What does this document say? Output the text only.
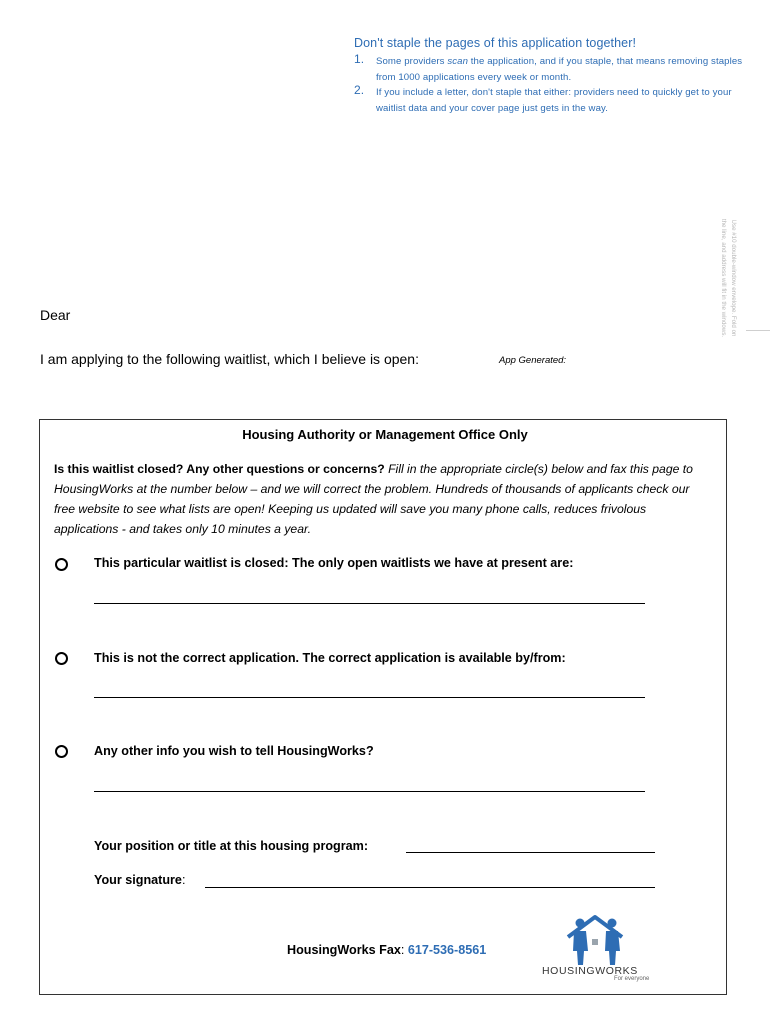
Don't staple the pages of this application together!
1. Some providers scan the application, and if you staple, that means removing staples from 1000 applications every week or month.
2. If you include a letter, don't staple that either: providers need to quickly get to your waitlist data and your cover page just gets in the way.
Use #10 double-window envelope. Fold on the line, and address will fit in the windows.
Dear
I am applying to the following waitlist, which I believe is open:	App Generated:
Housing Authority or Management Office Only
Is this waitlist closed? Any other questions or concerns? Fill in the appropriate circle(s) below and fax this page to HousingWorks at the number below – and we will correct the problem. Hundreds of thousands of applicants check our free website to see what lists are open! Keeping us updated will save you many phone calls, reduces frivolous applications - and takes only 10 minutes a year.
This particular waitlist is closed: The only open waitlists we have at present are:
This is not the correct application. The correct application is available by/from:
Any other info you wish to tell HousingWorks?
Your position or title at this housing program:
Your signature:
HousingWorks Fax: 617-536-8561
HOUSINGWORKS
For everyone
